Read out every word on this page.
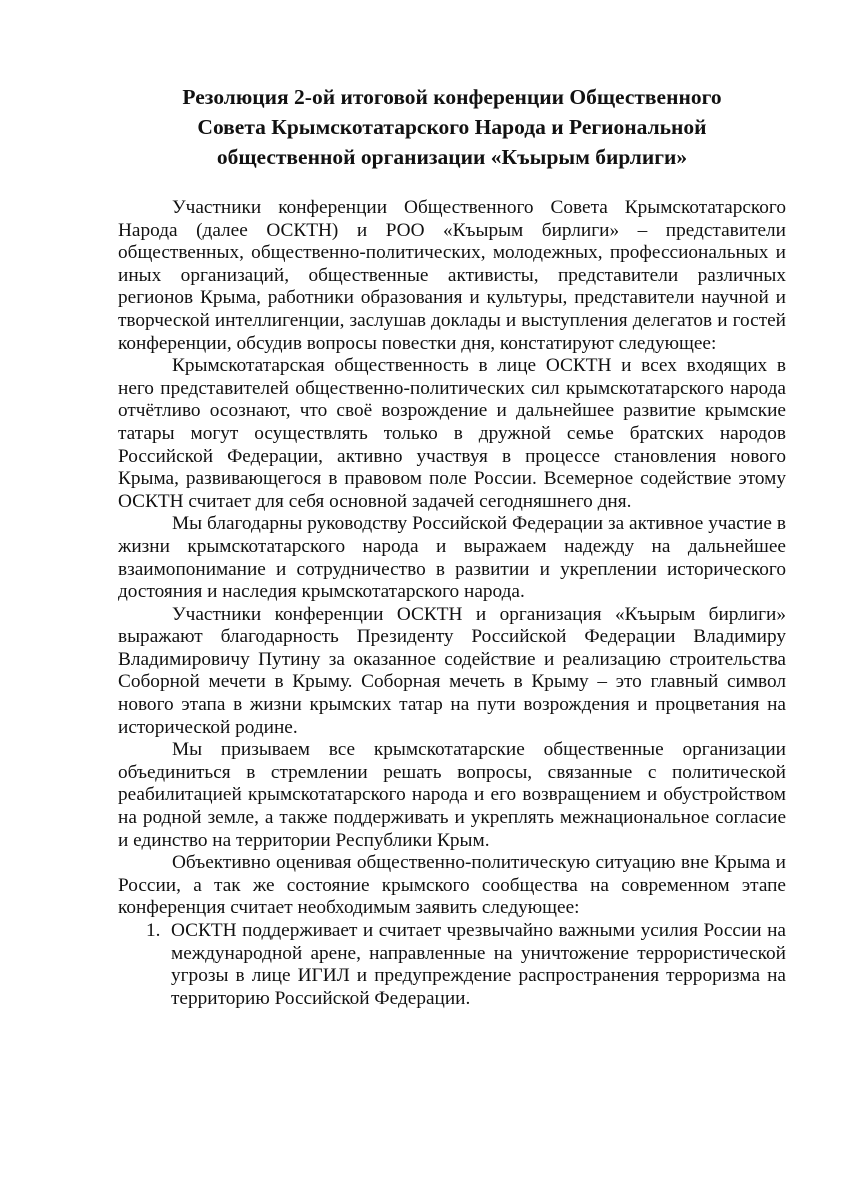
Резолюция 2-ой итоговой конференции Общественного
Совета Крымскотатарского Народа и Региональной
общественной организации «Къырым бирлиги»

Участники конференции Общественного Совета Крымскотатарского Народа (далее ОСКТН) и РОО «Къырым бирлиги» – представители общественных, общественно-политических, молодежных, профессиональных и иных организаций, общественные активисты, представители различных регионов Крыма, работники образования и культуры, представители научной и творческой интеллигенции, заслушав доклады и выступления делегатов и гостей конференции, обсудив вопросы повестки дня, констатируют следующее:

Крымскотатарская общественность в лице ОСКТН и всех входящих в него представителей общественно-политических сил крымскотатарского народа отчётливо осознают, что своё возрождение и дальнейшее развитие крымские татары могут осуществлять только в дружной семье братских народов Российской Федерации, активно участвуя в процессе становления нового Крыма, развивающегося в правовом поле России. Всемерное содействие этому ОСКТН считает для себя основной задачей сегодняшнего дня.

Мы благодарны руководству Российской Федерации за активное участие в жизни крымскотатарского народа и выражаем надежду на дальнейшее взаимопонимание и сотрудничество в развитии и укреплении исторического достояния и наследия крымскотатарского народа.

Участники конференции ОСКТН и организация «Къырым бирлиги» выражают благодарность Президенту Российской Федерации Владимиру Владимировичу Путину за оказанное содействие и реализацию строительства Соборной мечети в Крыму. Соборная мечеть в Крыму – это главный символ нового этапа в жизни крымских татар на пути возрождения и процветания на исторической родине.

Мы призываем все крымскотатарские общественные организации объединиться в стремлении решать вопросы, связанные с политической реабилитацией крымскотатарского народа и его возвращением и обустройством на родной земле, а также поддерживать и укреплять межнациональное согласие и единство на территории Республики Крым.

Объективно оценивая общественно-политическую ситуацию вне Крыма и России, а так же состояние крымского сообщества на современном этапе конференция считает необходимым заявить следующее:

1. ОСКТН поддерживает и считает чрезвычайно важными усилия России на международной арене, направленные на уничтожение террористической угрозы в лице ИГИЛ и предупреждение распространения терроризма на территорию Российской Федерации.
